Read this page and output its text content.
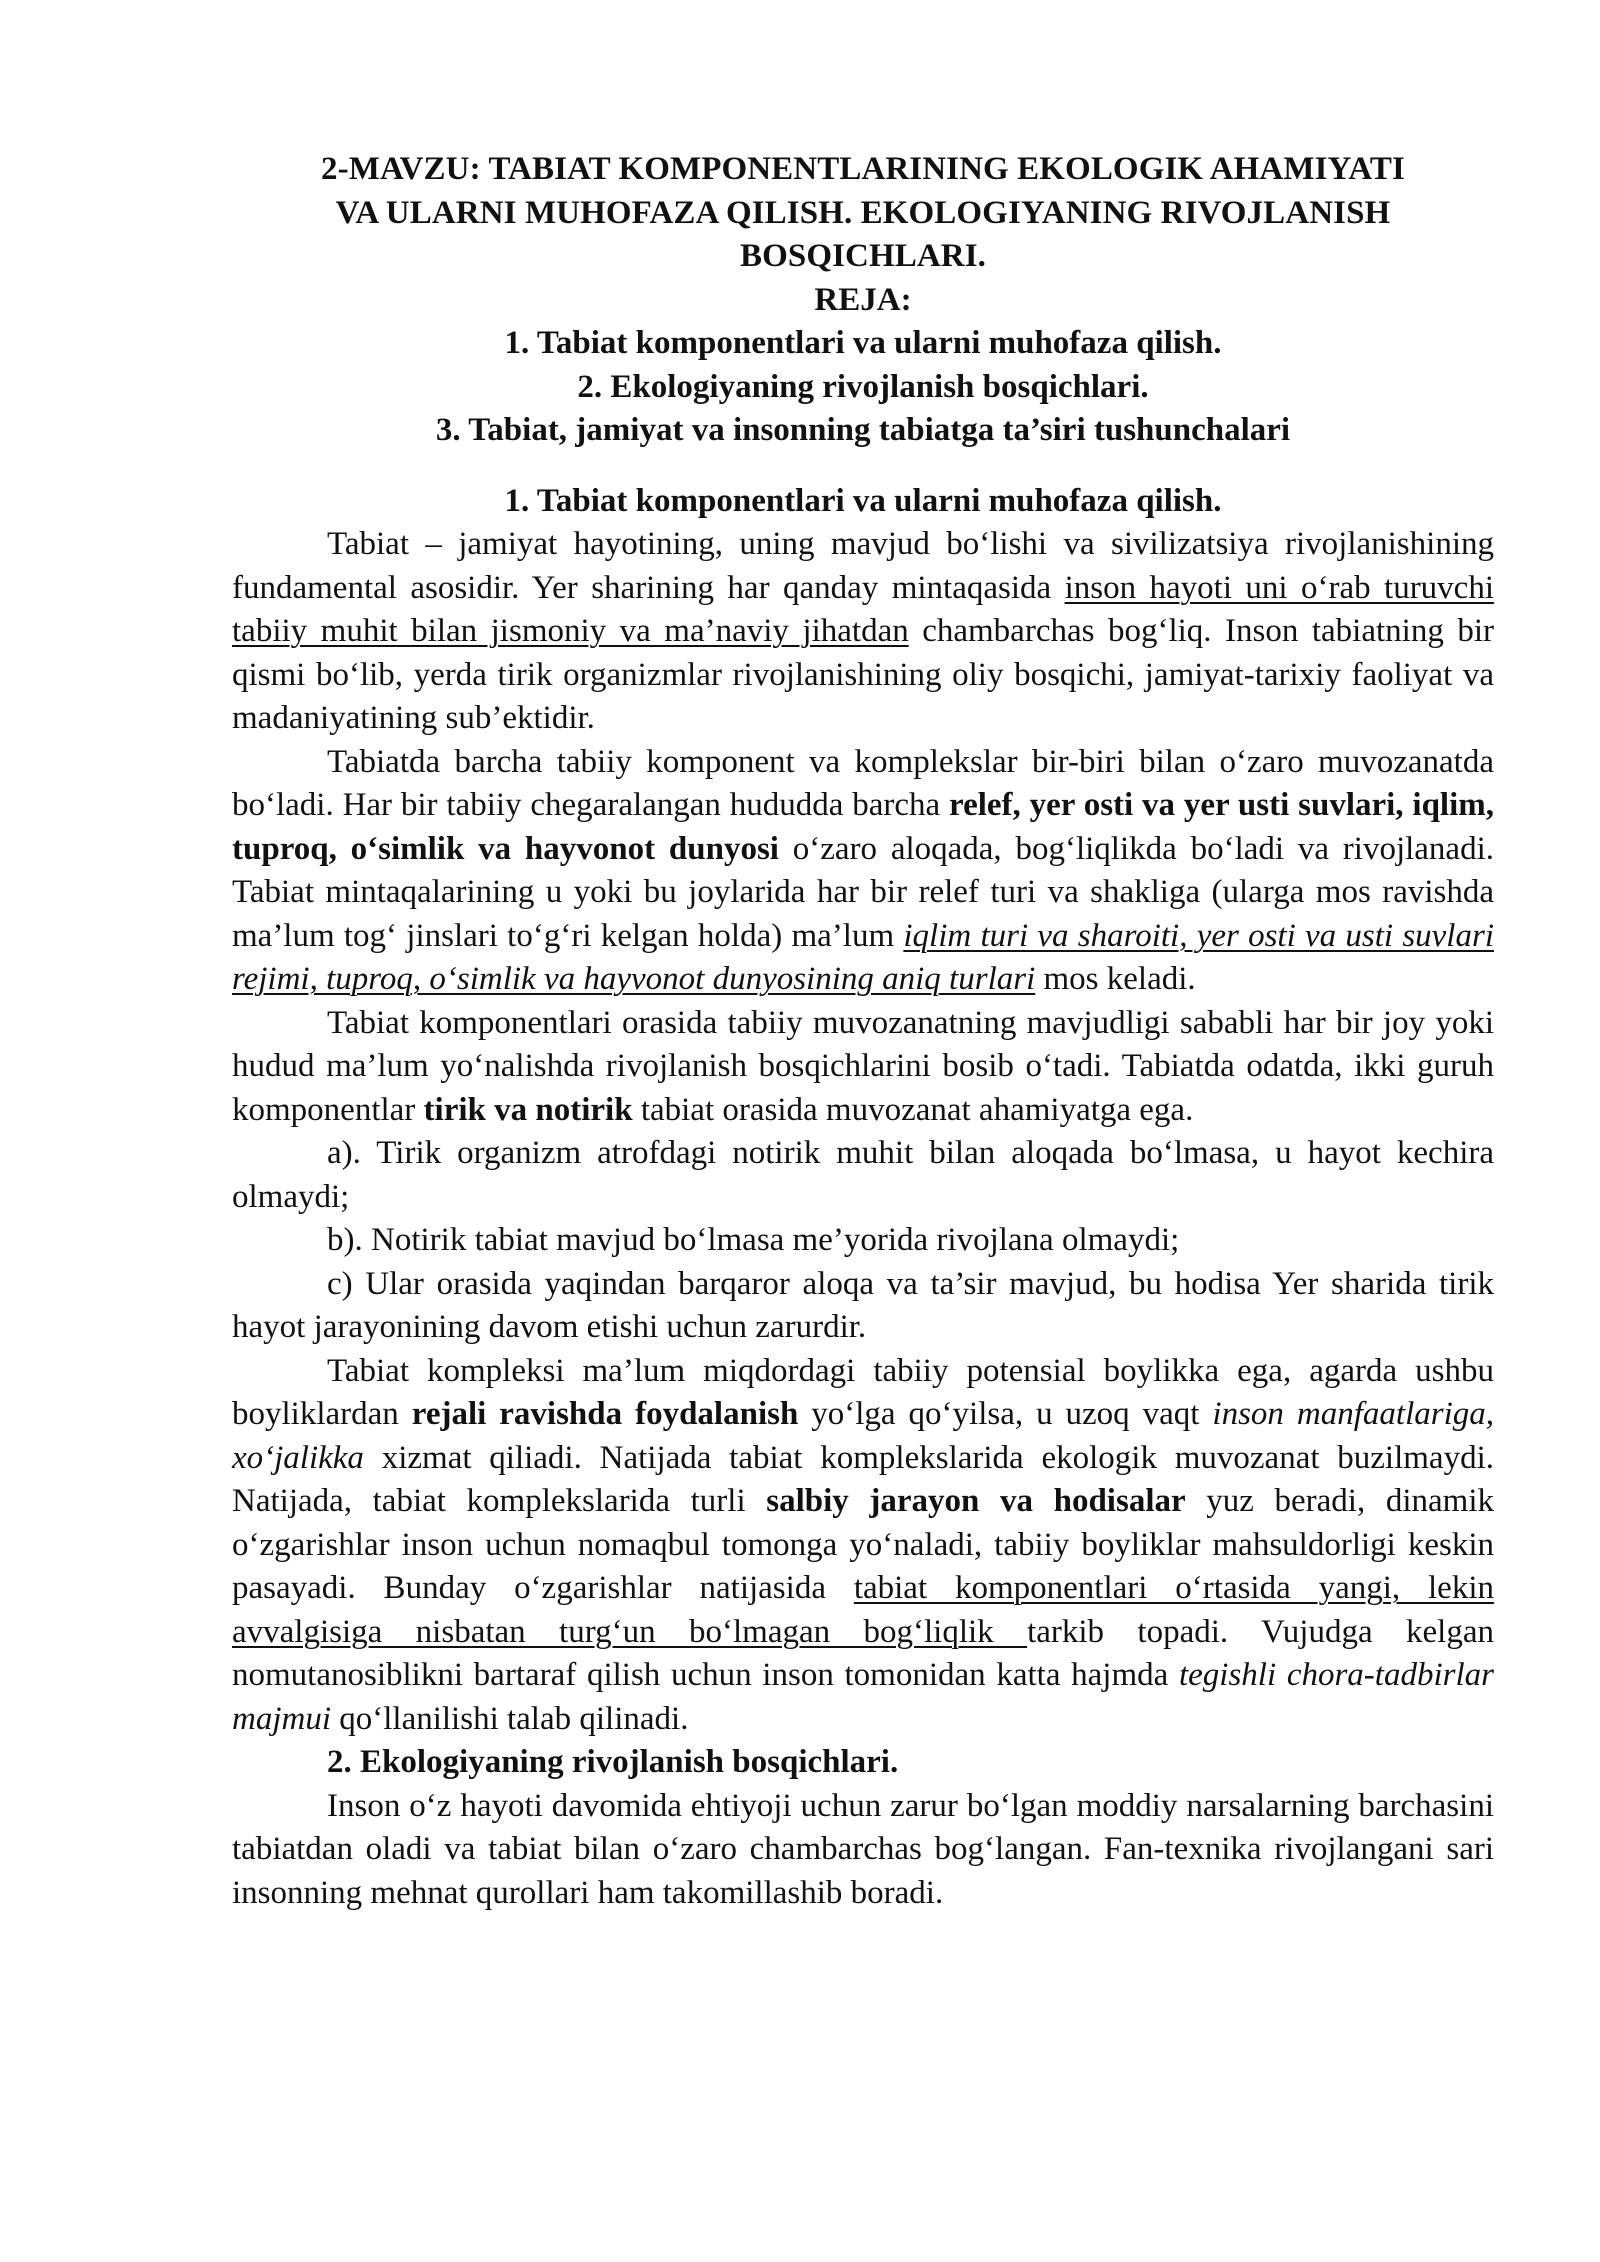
2-MAVZU: TABIAT KOMPONENTLARINING EKOLOGIK AHAMIYATI
VA ULARNI MUHOFAZA QILISH. EKOLOGIYANING RIVOJLANISH
BOSQICHLARI.
REJA:
1. Tabiat komponentlari va ularni muhofaza qilish.
2. Ekologiyaning rivojlanish bosqichlari.
3. Tabiat, jamiyat va insonning tabiatga ta’siri tushunchalari
1. Tabiat komponentlari va ularni muhofaza qilish.

Tabiat – jamiyat hayotining, uning mavjud bo‘lishi va sivilizatsiya rivojlanishining fundamental asosidir. Yer sharining har qanday mintaqasida inson hayoti uni o‘rab turuvchi tabiiy muhit bilan jismoniy va ma’naviy jihatdan chambarchas bog‘liq. Inson tabiatning bir qismi bo‘lib, yerda tirik organizmlar rivojlanishining oliy bosqichi, jamiyat-tarixiy faoliyat va madaniyatining sub’ektidir.

Tabiatda barcha tabiiy komponent va komplekslar bir-biri bilan o‘zaro muvozanatda bo‘ladi. Har bir tabiiy chegaralangan hududda barcha relef, yer osti va yer usti suvlari, iqlim, tuproq, o‘simlik va hayvonot dunyosi o‘zaro aloqada, bog‘liqlikda bo‘ladi va rivojlanadi. Tabiat mintaqalarining u yoki bu joylarida har bir relef turi va shakliga (ularga mos ravishda ma’lum tog‘ jinslari to‘g‘ri kelgan holda) ma’lum iqlim turi va sharoiti, yer osti va usti suvlari rejimi, tuproq, o‘simlik va hayvonot dunyosining aniq turlari mos keladi.

Tabiat komponentlari orasida tabiiy muvozanatning mavjudligi sababli har bir joy yoki hudud ma’lum yo‘nalishda rivojlanish bosqichlarini bosib o‘tadi. Tabiatda odatda, ikki guruh komponentlar tirik va notirik tabiat orasida muvozanat ahamiyatga ega.

a). Tirik organizm atrofdagi notirik muhit bilan aloqada bo‘lmasa, u hayot kechira olmaydi;

b). Notirik tabiat mavjud bo‘lmasa me’yorida rivojlana olmaydi;

c) Ular orasida yaqindan barqaror aloqa va ta’sir mavjud, bu hodisa Yer sharida tirik hayot jarayonining davom etishi uchun zarurdir.

Tabiat kompleksi ma’lum miqdordagi tabiiy potensial boylikka ega, agarda ushbu boyliklardan rejali ravishda foydalanish yo‘lga qo‘yilsa, u uzoq vaqt inson manfaatlariga, xo‘jalikka xizmat qiliadi. Natijada tabiat komplekslarida ekologik muvozanat buzilmaydi. Natijada, tabiat komplekslarida turli salbiy jarayon va hodisalar yuz beradi, dinamik o‘zgarishlar inson uchun nomaqbul tomonga yo‘naladi, tabiiy boyliklar mahsuldorligi keskin pasayadi. Bunday o‘zgarishlar natijasida tabiat komponentlari o‘rtasida yangi, lekin avvalgisiga nisbatan turg‘un bo‘lmagan bog‘liqlik tarkib topadi. Vujudga kelgan nomutanosiblikni bartaraf qilish uchun inson tomonidan katta hajmda tegishli chora-tadbirlar majmui qo‘llanilishi talab qilinadi.

2. Ekologiyaning rivojlanish bosqichlari.

Inson o‘z hayoti davomida ehtiyoji uchun zarur bo‘lgan moddiy narsalarning barchasini tabiatdan oladi va tabiat bilan o‘zaro chambarchas bog‘langan. Fan-texnika rivojlangani sari insonning mehnat qurollari ham takomillashib boradi.
